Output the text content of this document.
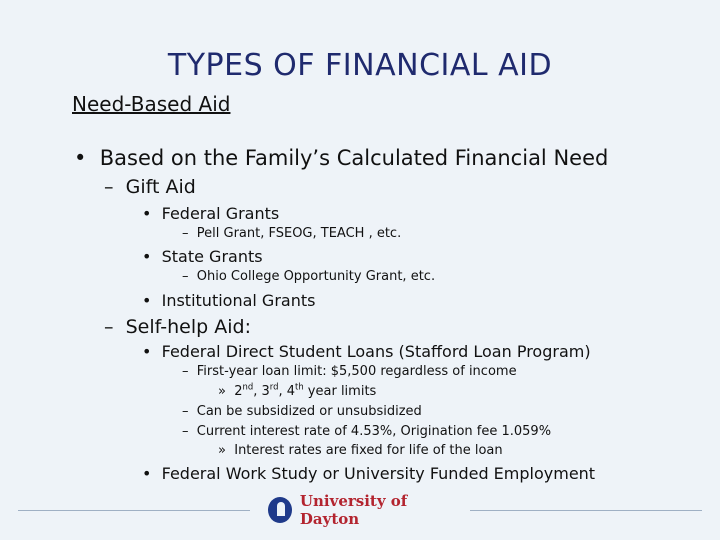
TYPES OF FINANCIAL AID
Need-Based Aid
• Based on the Family’s Calculated Financial Need
– Gift Aid
• Federal Grants
– Pell Grant, FSEOG, TEACH , etc.
• State Grants
– Ohio College Opportunity Grant, etc.
• Institutional Grants
– Self-help Aid:
• Federal Direct Student Loans (Stafford Loan Program)
– First-year loan limit: $5,500 regardless of income
» 2nd, 3rd, 4th year limits
– Can be subsidized or unsubsidized
– Current interest rate of 4.53%, Origination fee 1.059%
» Interest rates are fixed for life of the loan
• Federal Work Study or University Funded Employment
University of Dayton
